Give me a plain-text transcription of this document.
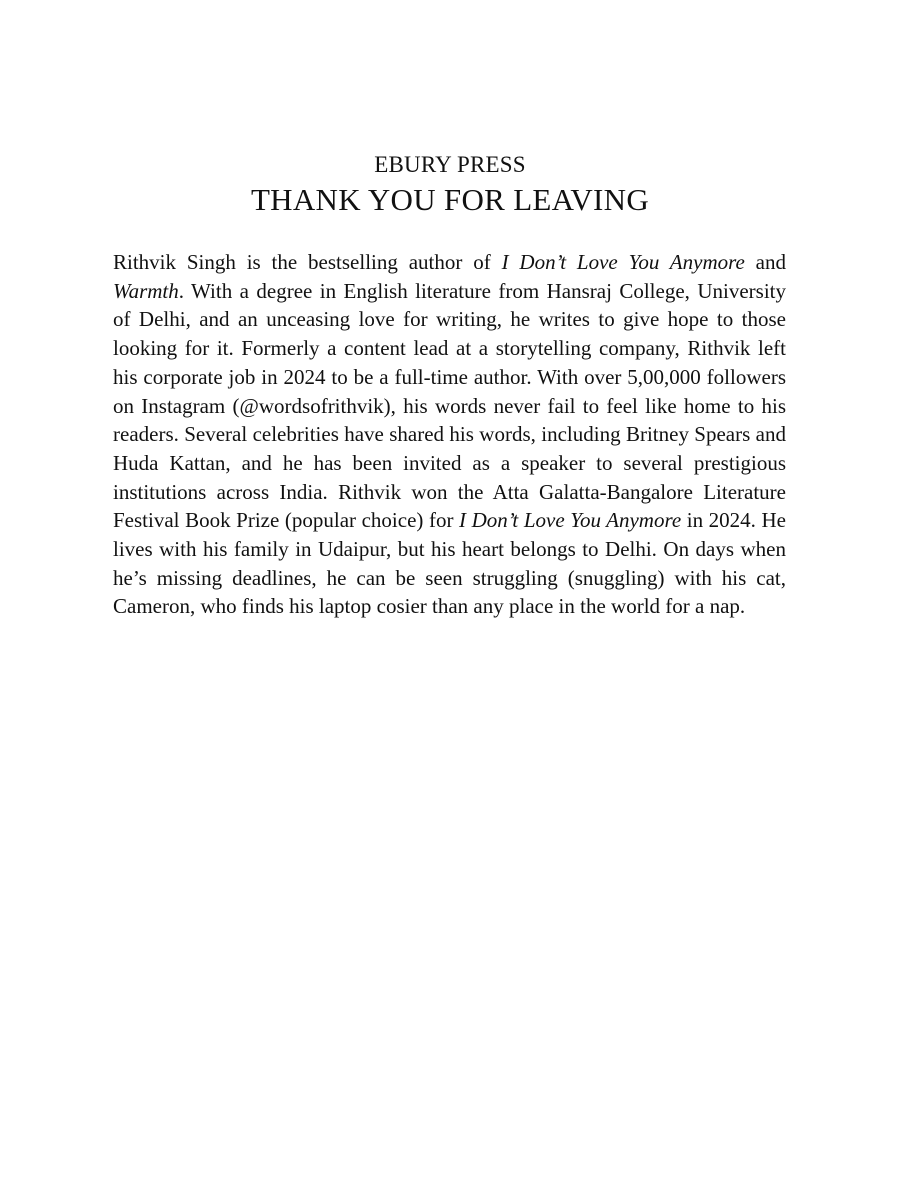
EBURY PRESS
THANK YOU FOR LEAVING

Rithvik Singh is the bestselling author of I Don’t Love You Anymore and Warmth. With a degree in English literature from Hansraj College, University of Delhi, and an unceasing love for writing, he writes to give hope to those looking for it. Formerly a content lead at a storytelling company, Rithvik left his corporate job in 2024 to be a full-time author. With over 5,00,000 followers on Instagram (@wordsofrithvik), his words never fail to feel like home to his readers. Several celebrities have shared his words, including Britney Spears and Huda Kattan, and he has been invited as a speaker to several prestigious institutions across India. Rithvik won the Atta Galatta-Bangalore Literature Festival Book Prize (popular choice) for I Don’t Love You Anymore in 2024. He lives with his family in Udaipur, but his heart belongs to Delhi. On days when he’s missing deadlines, he can be seen struggling (snuggling) with his cat, Cameron, who finds his laptop cosier than any place in the world for a nap.
